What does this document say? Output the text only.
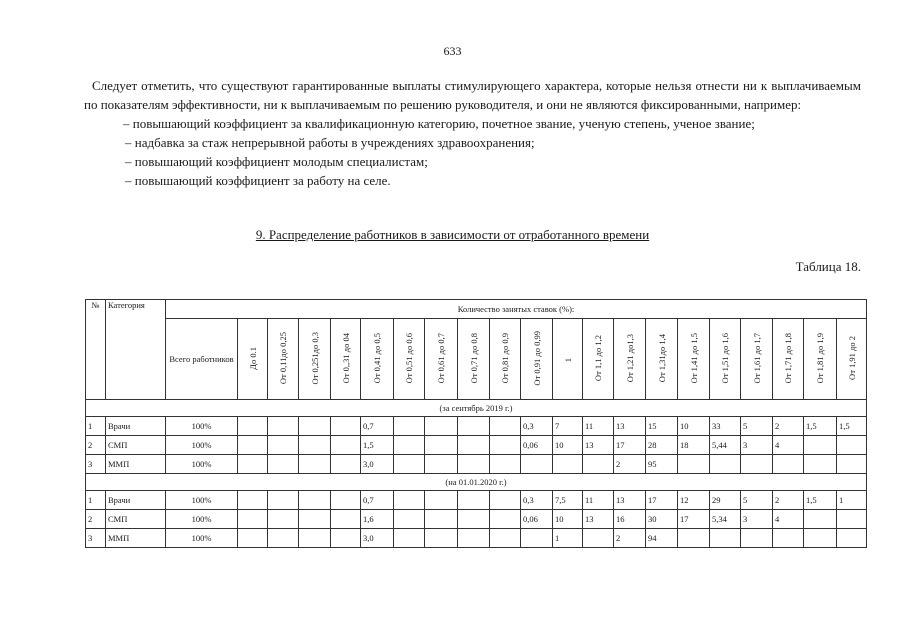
633

Следует отметить, что существуют гарантированные выплаты стимулирующего характера, которые нельзя отнести ни к выплачиваемым по показателям эффективности, ни к выплачиваемым по решению руководителя, и они не являются фиксированными, например:

– повышающий коэффициент за квалификационную категорию, почетное звание, ученую степень, ученое звание;

– надбавка за стаж непрерывной работы в учреждениях здравоохранения;

– повышающий коэффициент молодым специалистам;

– повышающий коэффициент за работу на селе.

9. Распределение работников в зависимости от отработанного времени
Таблица 18.
№	Категория	Количество занятых ставок (%):																				
		Всего работников	До 0.1	От 0,11до 0,25	От 0,251до 0,3	От 0,,31 до 04	От 0,41 до 0,5	От 0,51 до 0,6	От 0,61 до 0,7	От 0,71 до 0,8	От 0,81 до 0,9	От 0,91 до 0,99	1	От 1,1 до 1,2	От 1,21 до1,3	От 1,31до 1,4	От 1,41 до 1,5	От 1,51 до 1,6	От 1,61 до 1,7	От 1,71 до 1,8	От 1,81 до 1,9	От 1,91 до 2
(за сентябрь 2019 г.)																						
1	Врачи	100%					0,7					0,3	7	11	13	15	10	33	5	2	1,5	1,5
2	СМП	100%					1,5					0,06	10	13	17	28	18	5,44	3	4		
3	ММП	100%					3,0								2	95						
(на 01.01.2020 г.)																						
1	Врачи	100%					0,7					0,3	7,5	11	13	17	12	29	5	2	1,5	1
2	СМП	100%					1,6					0,06	10	13	16	30	17	5,34	3	4		
3	ММП	100%					3,0						1		2	94						
